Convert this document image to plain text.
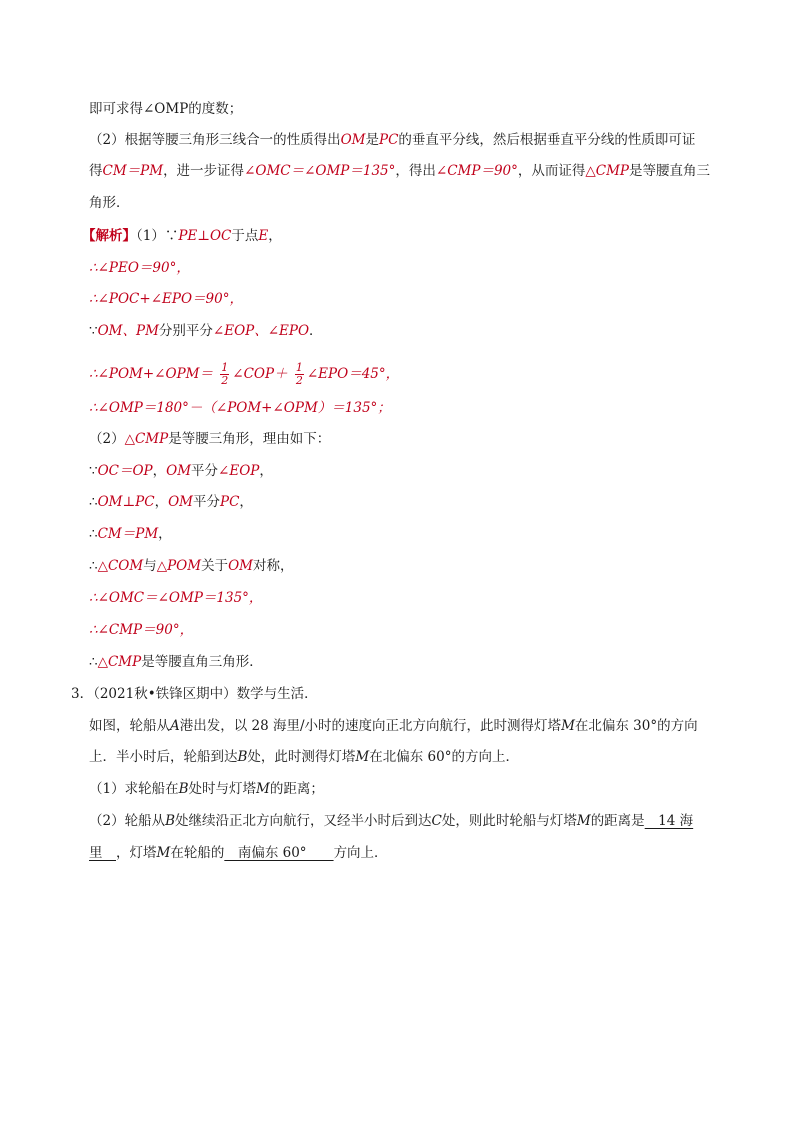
即可求得∠OMP的度数；
（2）根据等腰三角形三线合一的性质得出OM是PC的垂直平分线，然后根据垂直平分线的性质即可证
得CM＝PM，进一步证得∠OMC＝∠OMP＝135°，得出∠CMP＝90°，从而证得△CMP是等腰直角三
角形．
【解析】（1）∵PE⊥OC于点E，
∴∠PEO＝90°，
∴∠POC+∠EPO＝90°，
∵OM、PM分别平分∠EOP、∠EPO．
∴∠POM+∠OPM＝ $\frac{1}{2}$ ∠COP＋ $\frac{1}{2}$ ∠EPO＝45°，
∴∠OMP＝180°－（∠POM+∠OPM）＝135°；
（2）△CMP是等腰三角形，理由如下：
∵OC＝OP，OM平分∠EOP，
∴OM⊥PC，OM平分PC，
∴CM＝PM，
∴△COM与△POM关于OM对称，
∴∠OMC＝∠OMP＝135°，
∴∠CMP＝90°，
∴△CMP是等腰直角三角形．
3．（2021秋•铁锋区期中）数学与生活．
如图，轮船从A港出发，以 28 海里/小时的速度向正北方向航行，此时测得灯塔M在北偏东 30°的方向
上．半小时后，轮船到达B处，此时测得灯塔M在北偏东 60°的方向上．
（1）求轮船在B处时与灯塔M的距离；
（2）轮船从B处继续沿正北方向航行，又经半小时后到达C处，则此时轮船与灯塔M的距离是　14 海
里　，灯塔M在轮船的　南偏东 60°　　方向上．
